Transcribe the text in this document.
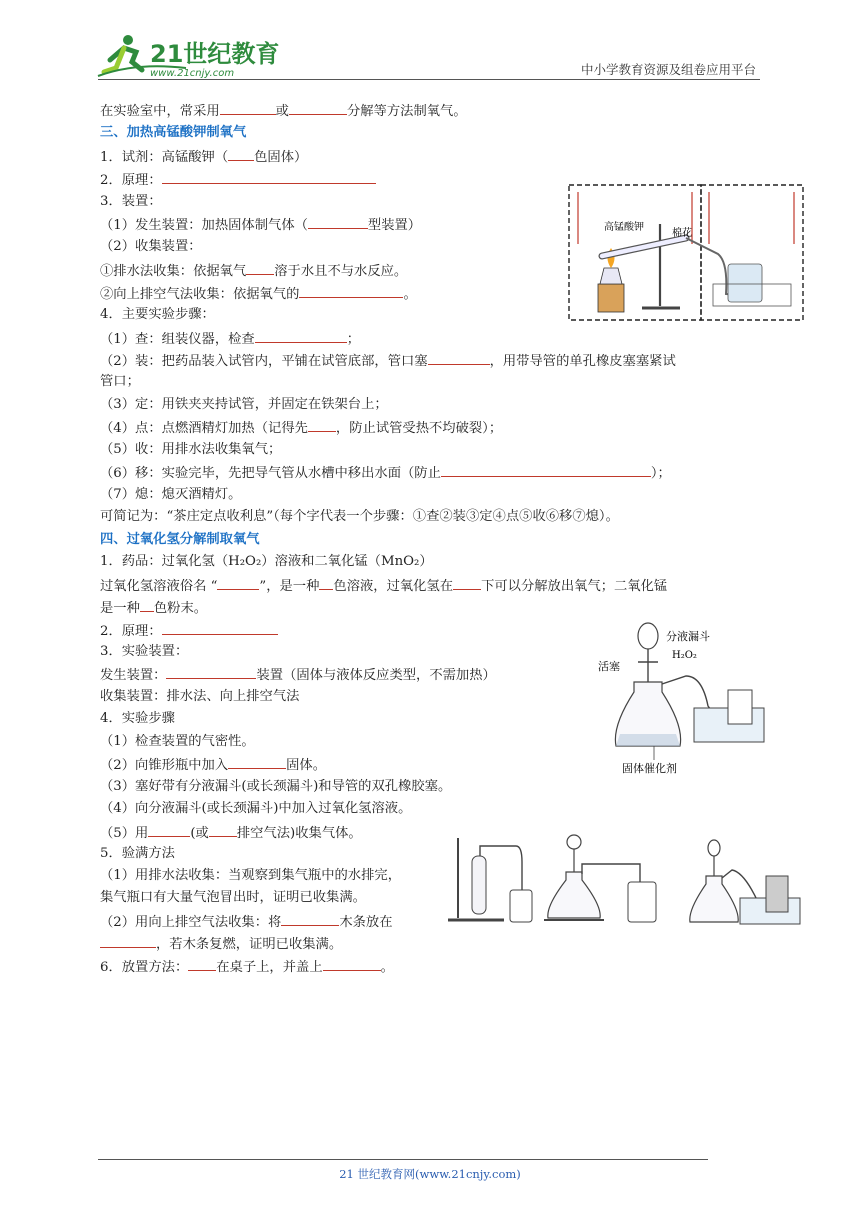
21世纪教育
www.21cnjy.com	中小学教育资源及组卷应用平台
在实验室中，常采用	或	分解等方法制氧气。
三、加热高锰酸钾制氧气
1．试剂：高锰酸钾（ 色固体）
2．原理：
3．装置：
（1）发生装置：加热固体制气体（	型装置）
（2）收集装置：
①排水法收集：依据氧气 溶于水且不与水反应。
②向上排空气法收集：依据氧气的	。
4．主要实验步骤：
（1）查：组装仪器，检查	；
（2）装：把药品装入试管内，平铺在试管底部，管口塞	，用带导管的单孔橡皮塞塞紧试
管口；
（3）定：用铁夹夹持试管，并固定在铁架台上；
（4）点：点燃酒精灯加热（记得先 ，防止试管受热不均破裂）；
（5）收：用排水法收集氧气；
（6）移：实验完毕，先把导气管从水槽中移出水面（防止	）；
（7）熄：熄灭酒精灯。
可简记为：“茶庄定点收利息”（每个字代表一个步骤：①查②装③定④点⑤收⑥移⑦熄）。
四、过氧化氢分解制取氧气
1．药品：过氧化氢（H₂O₂）溶液和二氧化锰（MnO₂）
过氧化氢溶液俗名 “	”，是一种 色溶液，过氧化氢在 下可以分解放出氧气；二氧化锰
是一种 色粉末。
2．原理：
3．实验装置：
发生装置：	装置（固体与液体反应类型，不需加热）
收集装置：排水法、向上排空气法
4．实验步骤
（1）检查装置的气密性。
（2）向锥形瓶中加入	固体。
（3）塞好带有分液漏斗(或长颈漏斗)和导管的双孔橡胶塞。
（4）向分液漏斗(或长颈漏斗)中加入过氧化氢溶液。
（5）用	(或 排空气法)收集气体。
5．验满方法
（1）用排水法收集：当观察到集气瓶中的水排完，
集气瓶口有大量气泡冒出时，证明已收集满。
（2）用向上排空气法收集：将	木条放在
，若木条复燃，证明已收集满。
6．放置方法： 在桌子上，并盖上	。
高锰酸钾
棉花
分液漏斗
H₂O₂
活塞
固体催化剂
21 世纪教育网(www.21cnjy.com)
